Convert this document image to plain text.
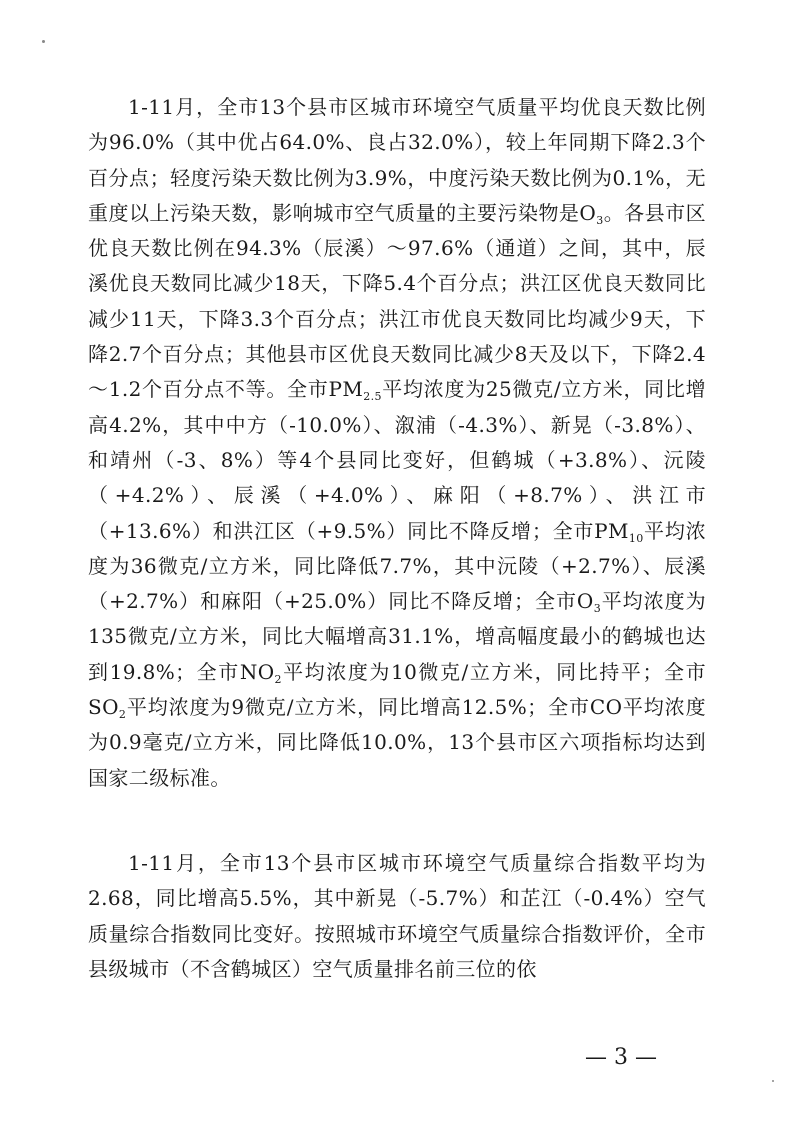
1-11月，全市13个县市区城市环境空气质量平均优良天数比例为96.0%（其中优占64.0%、良占32.0%），较上年同期下降2.3个百分点；轻度污染天数比例为3.9%，中度污染天数比例为0.1%，无重度以上污染天数，影响城市空气质量的主要污染物是$O_3$。各县市区优良天数比例在94.3%（辰溪）～97.6%（通道）之间，其中，辰溪优良天数同比减少18天，下降5.4个百分点；洪江区优良天数同比减少11天，下降3.3个百分点；洪江市优良天数同比均减少9天，下降2.7个百分点；其他县市区优良天数同比减少8天及以下，下降2.4～1.2个百分点不等。全市$PM_{2.5}$平均浓度为25微克/立方米，同比增高4.2%，其中中方（-10.0%）、溆浦（-4.3%）、新晃（-3.8%）、和靖州（-3、8%）等4个县同比变好，但鹤城（+3.8%）、沅陵（+4.2%）、辰溪（+4.0%）、麻阳（+8.7%）、洪江市（+13.6%）和洪江区（+9.5%）同比不降反增；全市$PM_{10}$平均浓度为36微克/立方米，同比降低7.7%，其中沅陵（+2.7%）、辰溪（+2.7%）和麻阳（+25.0%）同比不降反增；全市$O_3$平均浓度为135微克/立方米，同比大幅增高31.1%，增高幅度最小的鹤城也达到19.8%；全市$NO_2$平均浓度为10微克/立方米，同比持平；全市$SO_2$平均浓度为9微克/立方米，同比增高12.5%；全市CO平均浓度为0.9毫克/立方米，同比降低10.0%，13个县市区六项指标均达到国家二级标准。

1-11月，全市13个县市区城市环境空气质量综合指数平均为2.68，同比增高5.5%，其中新晃（-5.7%）和芷江（-0.4%）空气质量综合指数同比变好。按照城市环境空气质量综合指数评价，全市县级城市（不含鹤城区）空气质量排名前三位的依

— 3 —
